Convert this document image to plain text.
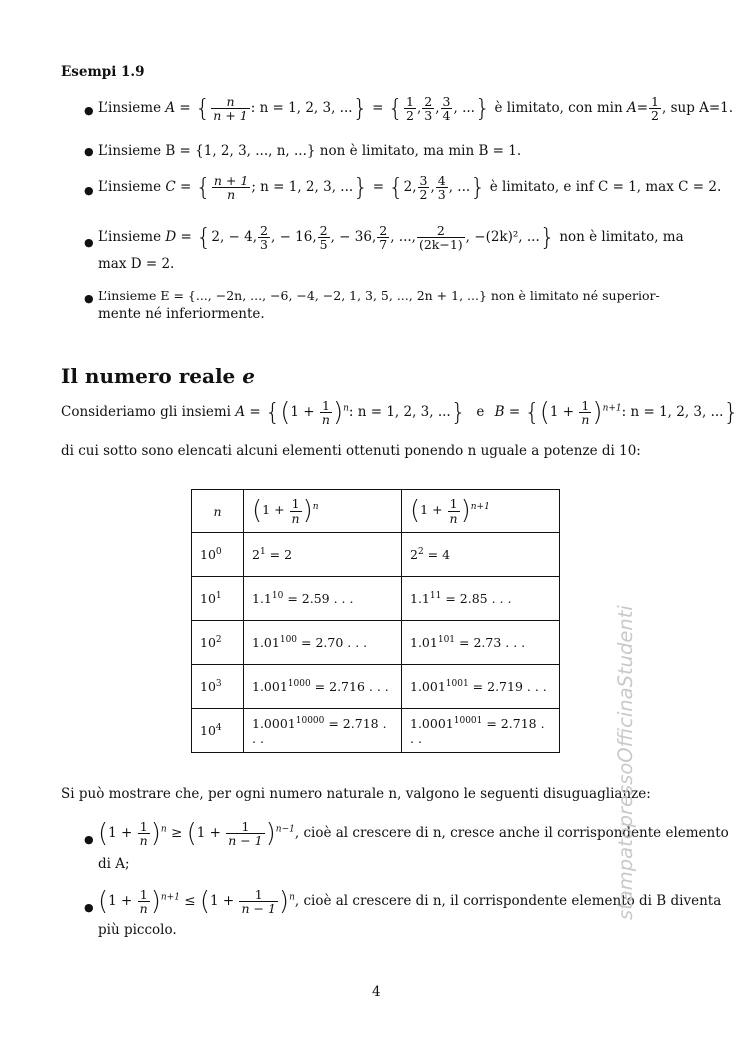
Esempi 1.9
● L’insieme A = { $\frac{n}{n + 1}$ : n = 1, 2, 3, ...} = { $\frac{1}{2}$ , $\frac{2}{3}$ , $\frac{3}{4}$ , ...} è limitato, con $\min A= \frac{1}{2}$ , sup A=1.
● L’insieme B = {1, 2, 3, ..., n, ...} non è limitato, ma min B = 1.
● L’insieme C = { $\frac{n + 1}{n}$ ; n = 1, 2, 3, ...} = {2, $\frac{3}{2}$ , $\frac{4}{3}$ , ...} è limitato, e inf C = 1, max C = 2.
● L’insieme D = {2, − 4, $\frac{2}{3}$ , − 16, $\frac{2}{5}$ , − 36, $\frac{2}{7}$ , ..., $\frac{2}{(2k-1)}$ , −(2k)², ...} non è limitato, ma
max D = 2.
● L’insieme E = {..., −2n, ..., −6, −4, −2, 1, 3, 5, ..., 2n + 1, ...} non è limitato né superior-
mente né inferiormente.
Il numero reale e
Consideriamo gli insiemi $A = \{(1 + \frac{1}{n} )^n$: n = 1, 2, 3, ...} e $B = \{(1 + \frac{1}{n} )^{n+1}$: n = 1, 2, 3, ...}
di cui sotto sono elencati alcuni elementi ottenuti ponendo n uguale a potenze di 10:
n	$(1 + \frac{1}{n} )^n$	$(1 + \frac{1}{n} )^{n+1}$
$10^0$	$2^1 = 2$	$2^2 = 4$
$10^1$	$1.1^{10} = 2.59$ . . .	$1.1^{11} = 2.85$ . . .
$10^2$	$1.01^{100} = 2.70$ . . .	$1.01^{101} = 2.73$ . . .
$10^3$	$1.001^{1000} = 2.716$ . . .	$1.001^{1001} = 2.719$ . . .
$10^4$	$1.0001^{10000} = 2.718$ . . .	$1.0001^{10001} = 2.718$ . . .
Si può mostrare che, per ogni numero naturale n, valgono le seguenti disuguaglianze:
● $(1 + \frac{1}{n} )^n \ge (1 + \frac{1}{n - 1} )^{n-1}$, cioè al crescere di n, cresce anche il corrispondente elemento
di A;
● $(1 + \frac{1}{n} )^{n+1} \le (1 + \frac{1}{n - 1} )^n$, cioè al crescere di n, il corrispondente elemento di B diventa
più piccolo.
4
stampatopressoOfficinaStudenti
